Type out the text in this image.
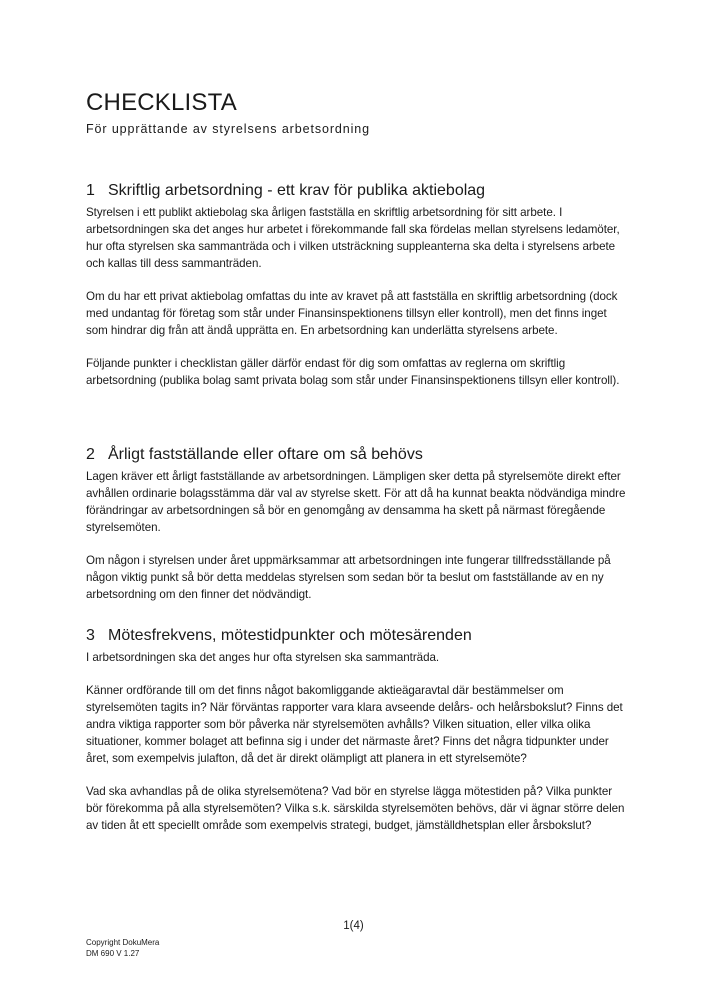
CHECKLISTA

För upprättande av styrelsens arbetsordning

1 Skriftlig arbetsordning - ett krav för publika aktiebolag

Styrelsen i ett publikt aktiebolag ska årligen fastställa en skriftlig arbetsordning för sitt arbete. I arbetsordningen ska det anges hur arbetet i förekommande fall ska fördelas mellan styrelsens ledamöter, hur ofta styrelsen ska sammanträda och i vilken utsträckning suppleanterna ska delta i styrelsens arbete och kallas till dess sammanträden.

Om du har ett privat aktiebolag omfattas du inte av kravet på att fastställa en skriftlig arbetsordning (dock med undantag för företag som står under Finansinspektionens tillsyn eller kontroll), men det finns inget som hindrar dig från att ändå upprätta en. En arbetsordning kan underlätta styrelsens arbete.

Följande punkter i checklistan gäller därför endast för dig som omfattas av reglerna om skriftlig arbetsordning (publika bolag samt privata bolag som står under Finansinspektionens tillsyn eller kontroll).

2 Årligt fastställande eller oftare om så behövs

Lagen kräver ett årligt fastställande av arbetsordningen. Lämpligen sker detta på styrelsemöte direkt efter avhållen ordinarie bolagsstämma där val av styrelse skett. För att då ha kunnat beakta nödvändiga mindre förändringar av arbetsordningen så bör en genomgång av densamma ha skett på närmast föregående styrelsemöten.

Om någon i styrelsen under året uppmärksammar att arbetsordningen inte fungerar tillfredsställande på någon viktig punkt så bör detta meddelas styrelsen som sedan bör ta beslut om fastställande av en ny arbetsordning om den finner det nödvändigt.

3 Mötesfrekvens, mötestidpunkter och mötesärenden

I arbetsordningen ska det anges hur ofta styrelsen ska sammanträda.

Känner ordförande till om det finns något bakomliggande aktieägaravtal där bestämmelser om styrelsemöten tagits in? När förväntas rapporter vara klara avseende delårs- och helårsbokslut? Finns det andra viktiga rapporter som bör påverka när styrelsemöten avhålls? Vilken situation, eller vilka olika situationer, kommer bolaget att befinna sig i under det närmaste året? Finns det några tidpunkter under året, som exempelvis julafton, då det är direkt olämpligt att planera in ett styrelsemöte?

Vad ska avhandlas på de olika styrelsemötena? Vad bör en styrelse lägga mötestiden på? Vilka punkter bör förekomma på alla styrelsemöten? Vilka s.k. särskilda styrelsemöten behövs, där vi ägnar större delen av tiden åt ett speciellt område som exempelvis strategi, budget, jämställdhetsplan eller årsbokslut?

1(4)
Copyright DokuMera
DM 690 V 1.27
